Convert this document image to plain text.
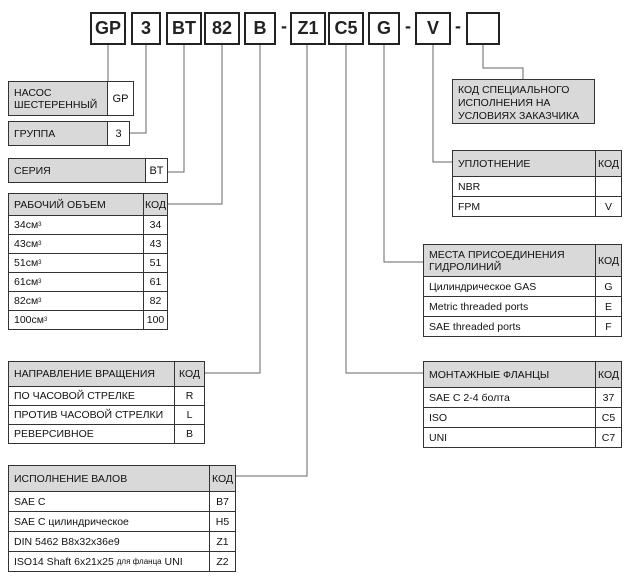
GP	3	BT 82	B - Z1 C5	G - V -
НАСОС ШЕСТЕРЕННЫЙ	GP
ГРУППА	3
СЕРИЯ	BT
РАБОЧИЙ ОБЪЕМ	КОД
34 см 3	34
43 см 3	43
51 см 3	51
61 см 3	61
82 см 3	82
100 см 3	100
НАПРАВЛЕНИЕ ВРАЩЕНИЯ	КОД
ПО ЧАСОВОЙ СТРЕЛКЕ	R
ПРОТИВ ЧАСОВОЙ СТРЕЛКИ	L
РЕВЕРСИВНОЕ	B
ИСПОЛНЕНИЕ ВАЛОВ	КОД
SAE C	B7
SAE C цилиндрическое	H5
DIN 5462 B8x32x36e9	Z1
ISO14 Shaft 6x21x25
для фланца
UNI	Z2
КОД СПЕЦИАЛЬНОГО ИСПОЛНЕНИЯ НА УСЛОВИЯХ ЗАКАЗЧИКА
УПЛОТНЕНИЕ	КОД
NBR
FPM	V
МЕСТА ПРИСОЕДИНЕНИЯ ГИДРОЛИНИЙ	КОД
Цилиндрическое GAS	G
Metric threaded ports	E
SAE threaded ports	F
МОНТАЖНЫЕ ФЛАНЦЫ	КОД
SAE C 2-4 болта	37
ISO	C5
UNI	C7
